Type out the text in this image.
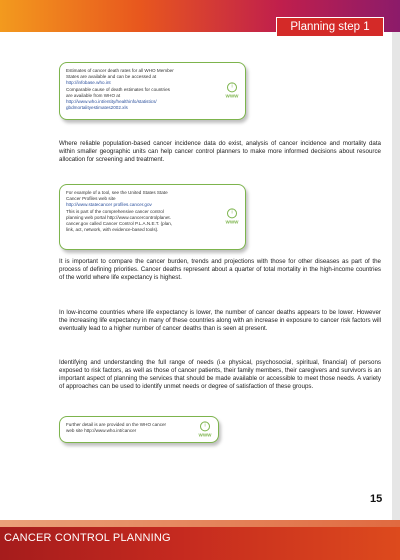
Planning step 1
Estimates of cancer death rates for all WHO Member
States are available and can be accessed at
http://infobase.who.int
Comparable cause of death estimates for countries
are available from WHO at
http://www.who.int/entity/healthinfo/statistics/
gbdmortalityestimates2002.xls
i
WWW

Where reliable population-based cancer incidence data do exist, analysis of cancer incidence and mortality data within smaller geographic units can help cancer control planners to make more informed decisions about resource allocation for screening and treatment.

For example of a tool, see the United States State
Cancer Profiles web site
http://www.statecancer profiles.cancer.gov
This is part of the comprehensive cancer control
planning web portal http://www.cancercontrolplanet.
cancer.gov called Cancer Control P.L.A.N.E.T. (plan,
link, act, network, with evidence-based tools).
i
WWW

It is important to compare the cancer burden, trends and projections with those for other diseases as part of the process of defining priorities. Cancer deaths represent about a quarter of total mortality in the high-income countries of the world where life expectancy is highest.

In low-income countries where life expectancy is lower, the number of cancer deaths appears to be lower. However the increasing life expectancy in many of these countries along with an increase in exposure to cancer risk factors will eventually lead to a higher number of cancer deaths than is seen at present.

Identifying and understanding the full range of needs (i.e physical, psychosocial, spiritual, financial) of persons exposed to risk factors, as well as those of cancer patients, their family members, their caregivers and survivors is an important aspect of planning the services that should be made available or accessible to meet those needs. A variety of approaches can be used to identify unmet needs or degree of satisfaction of these groups.

Further detail is are provided on the WHO cancer
web site http://www.who.int/cancer
i
WWW
15
CANCER CONTROL PLANNING
